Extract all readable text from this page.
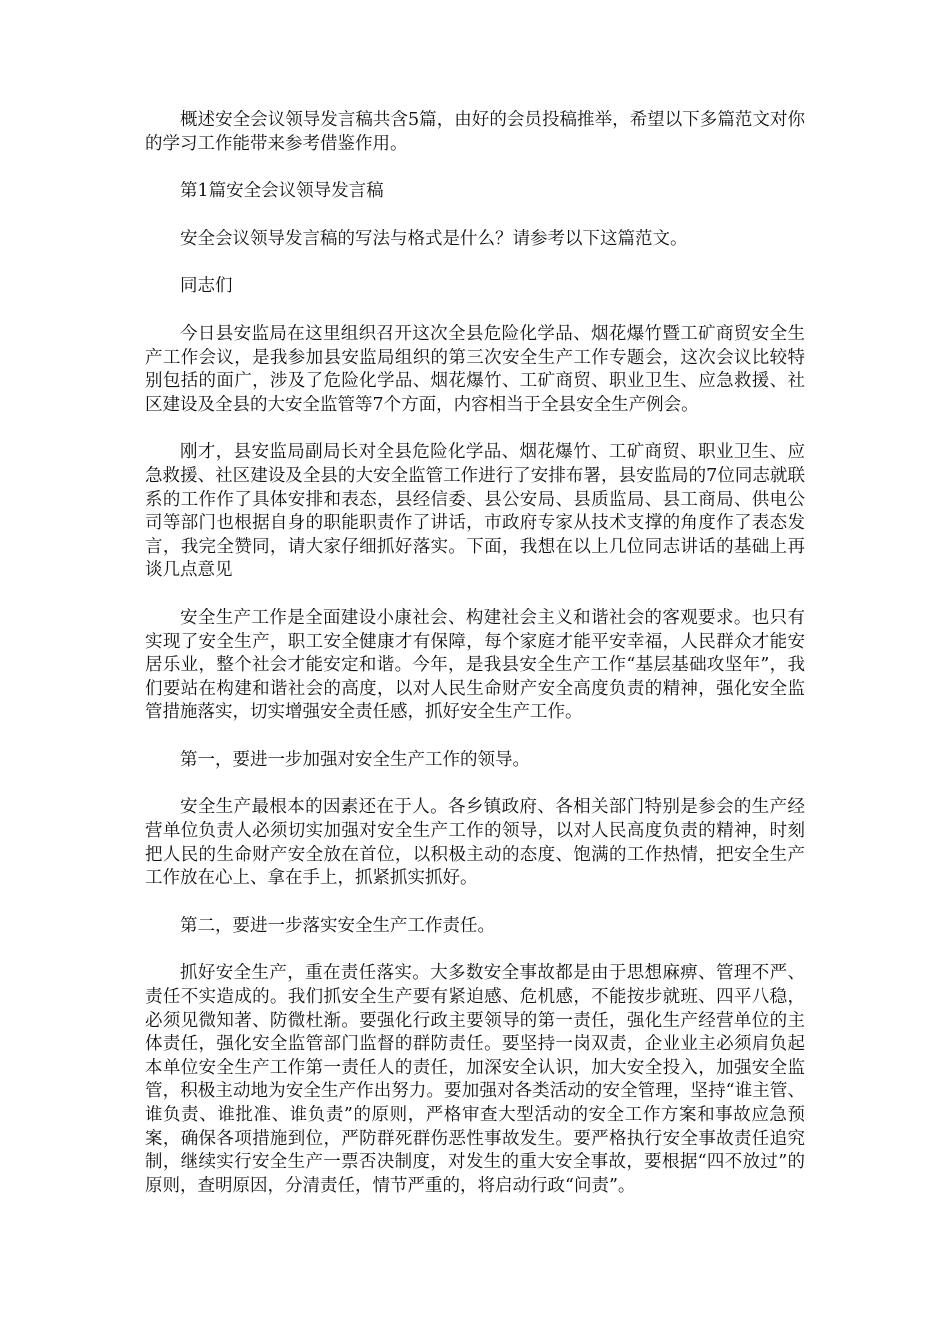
概述安全会议领导发言稿共含5篇，由好的会员投稿推举，希望以下多篇范文对你的学习工作能带来参考借鉴作用。

第1篇安全会议领导发言稿

安全会议领导发言稿的写法与格式是什么？请参考以下这篇范文。

同志们

今日县安监局在这里组织召开这次全县危险化学品、烟花爆竹暨工矿商贸安全生产工作会议，是我参加县安监局组织的第三次安全生产工作专题会，这次会议比较特别包括的面广，涉及了危险化学品、烟花爆竹、工矿商贸、职业卫生、应急救援、社区建设及全县的大安全监管等7个方面，内容相当于全县安全生产例会。

刚才，县安监局副局长对全县危险化学品、烟花爆竹、工矿商贸、职业卫生、应急救援、社区建设及全县的大安全监管工作进行了安排布署，县安监局的7位同志就联系的工作作了具体安排和表态，县经信委、县公安局、县质监局、县工商局、供电公司等部门也根据自身的职能职责作了讲话，市政府专家从技术支撑的角度作了表态发言，我完全赞同，请大家仔细抓好落实。下面，我想在以上几位同志讲话的基础上再谈几点意见

安全生产工作是全面建设小康社会、构建社会主义和谐社会的客观要求。也只有实现了安全生产，职工安全健康才有保障，每个家庭才能平安幸福，人民群众才能安居乐业，整个社会才能安定和谐。今年，是我县安全生产工作“基层基础攻坚年”，我们要站在构建和谐社会的高度，以对人民生命财产安全高度负责的精神，强化安全监管措施落实，切实增强安全责任感，抓好安全生产工作。

第一，要进一步加强对安全生产工作的领导。

安全生产最根本的因素还在于人。各乡镇政府、各相关部门特别是参会的生产经营单位负责人必须切实加强对安全生产工作的领导，以对人民高度负责的精神，时刻把人民的生命财产安全放在首位，以积极主动的态度、饱满的工作热情，把安全生产工作放在心上、拿在手上，抓紧抓实抓好。

第二，要进一步落实安全生产工作责任。

抓好安全生产，重在责任落实。大多数安全事故都是由于思想麻痹、管理不严、责任不实造成的。我们抓安全生产要有紧迫感、危机感，不能按步就班、四平八稳，必须见微知著、防微杜渐。要强化行政主要领导的第一责任，强化生产经营单位的主体责任，强化安全监管部门监督的群防责任。要坚持一岗双责，企业业主必须肩负起本单位安全生产工作第一责任人的责任，加深安全认识，加大安全投入，加强安全监管，积极主动地为安全生产作出努力。要加强对各类活动的安全管理，坚持“谁主管、谁负责、谁批准、谁负责”的原则，严格审查大型活动的安全工作方案和事故应急预案，确保各项措施到位，严防群死群伤恶性事故发生。要严格执行安全事故责任追究制，继续实行安全生产一票否决制度，对发生的重大安全事故，要根据“四不放过”的原则，查明原因，分清责任，情节严重的，将启动行政“问责”。
